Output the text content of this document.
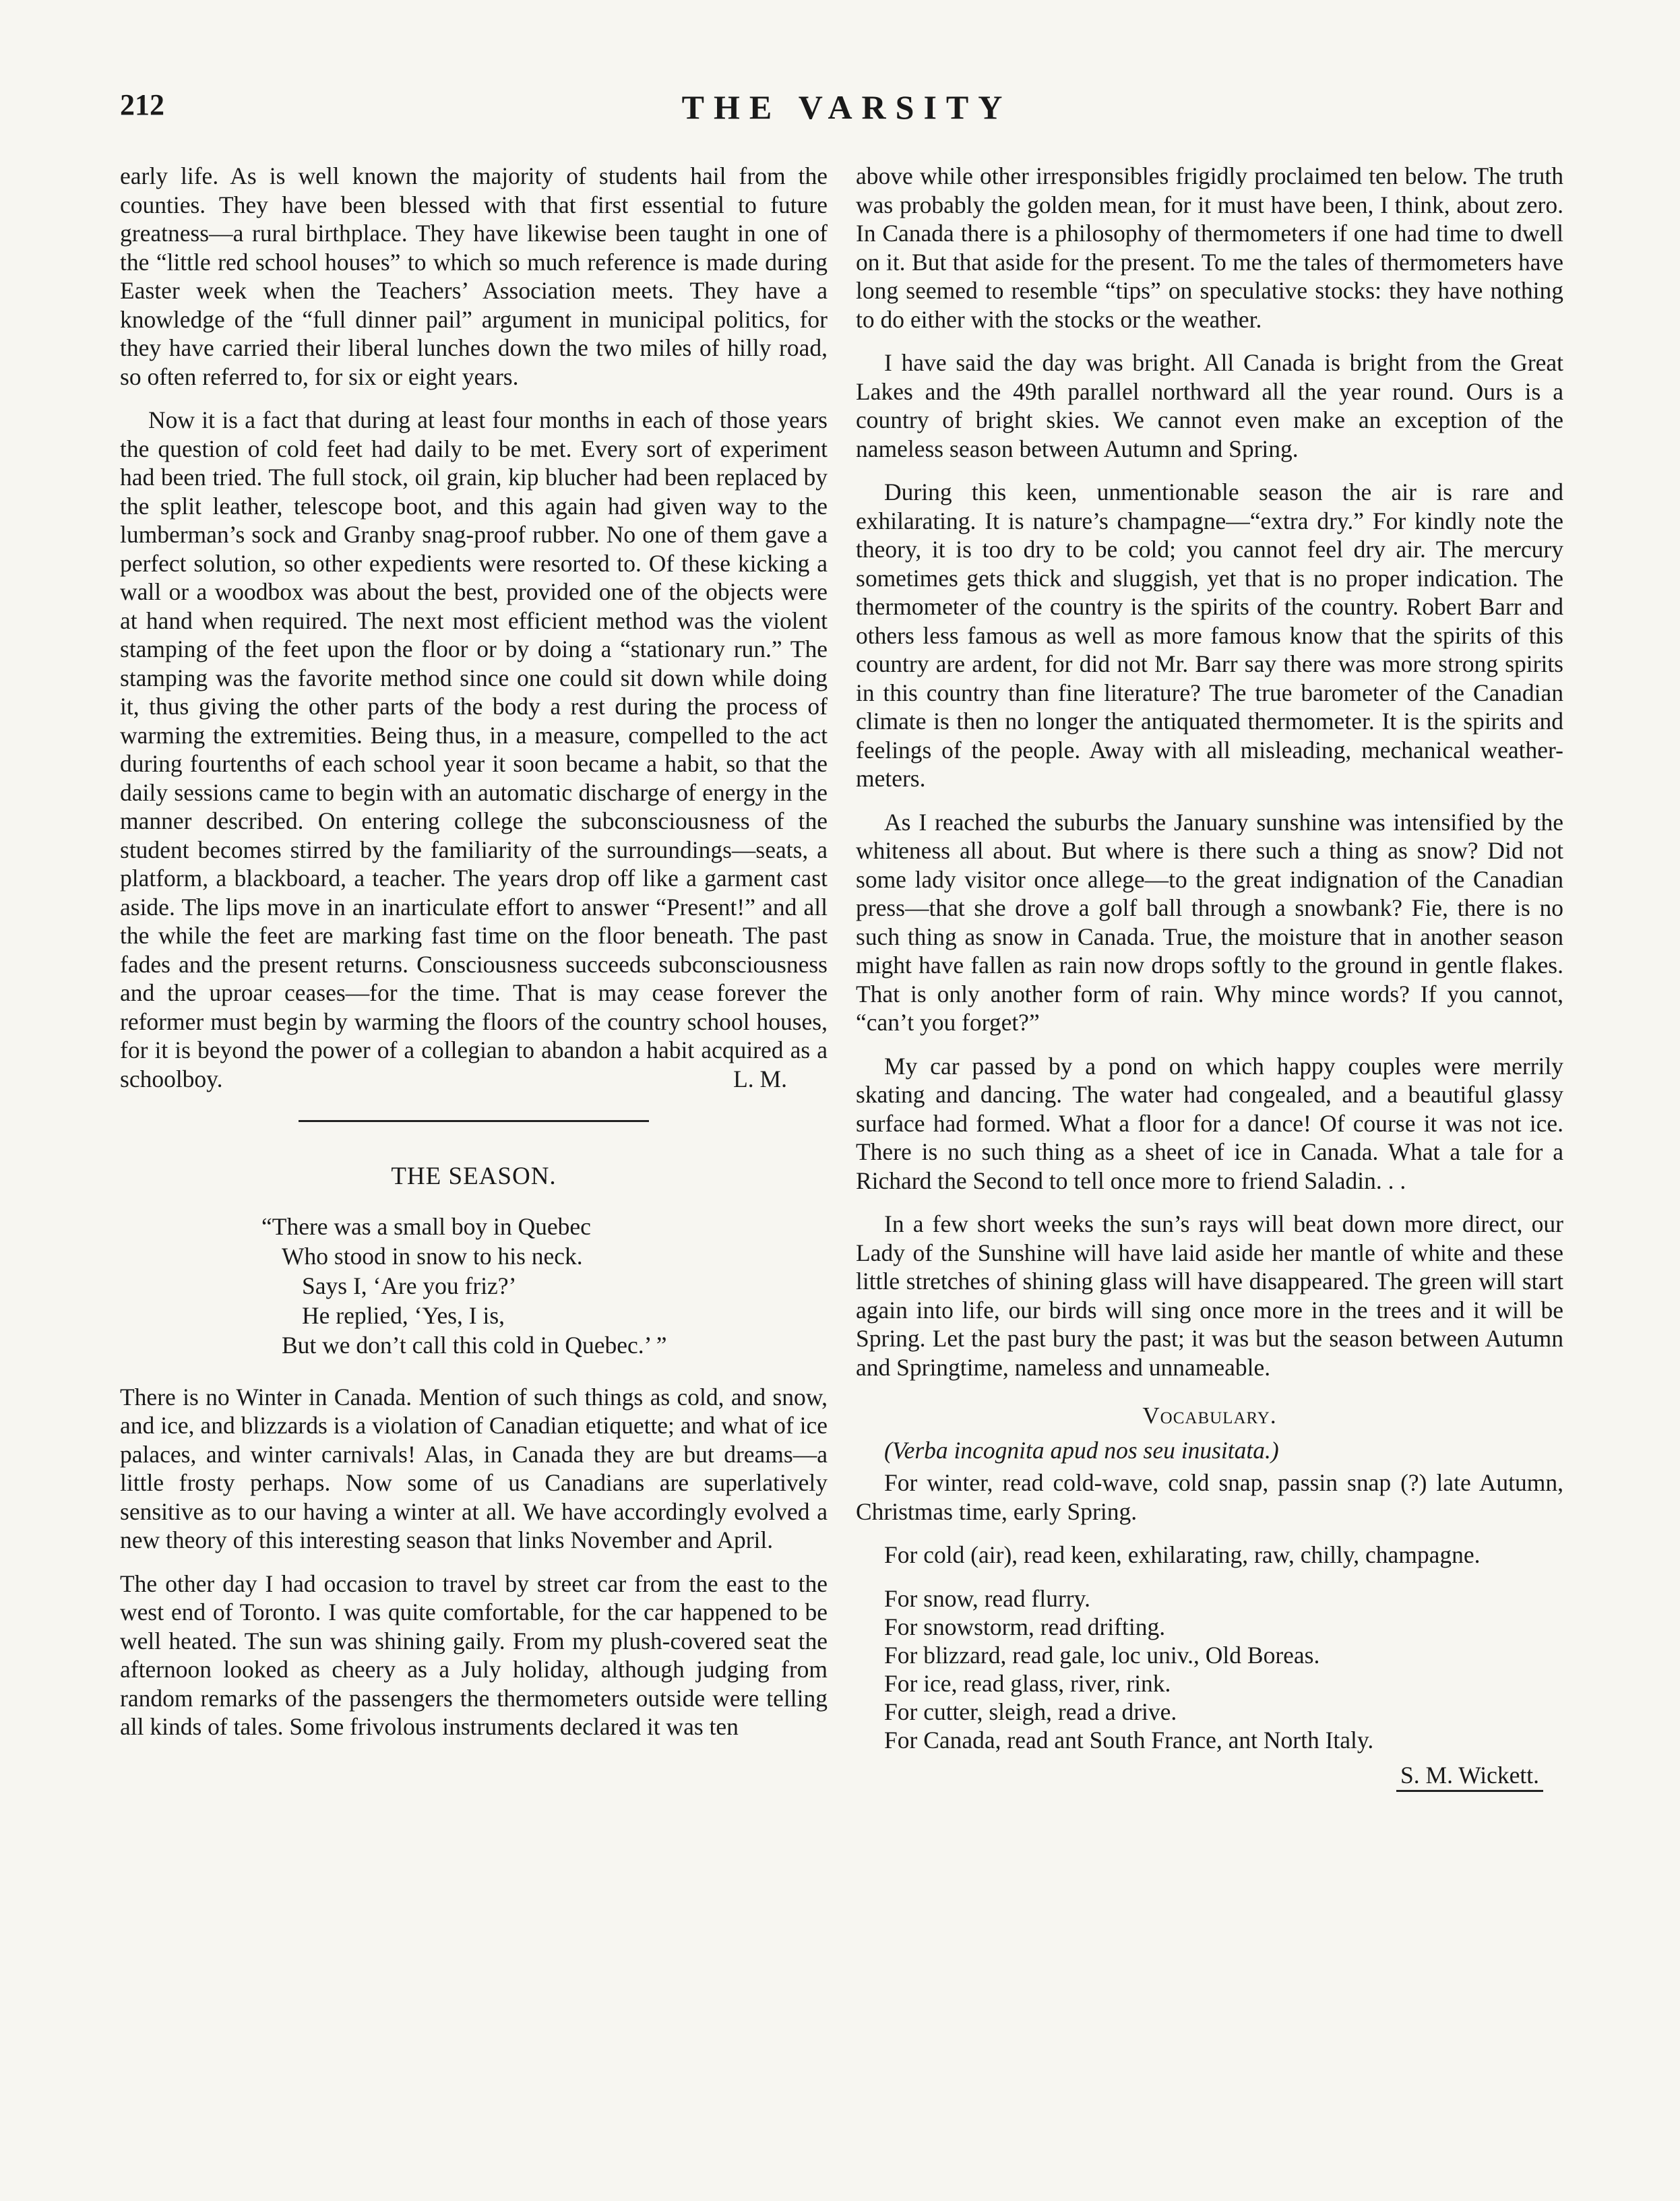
212	THE VARSITY

early life. As is well known the majority of students hail from the counties. They have been blessed with that first essential to future greatness—a rural birthplace. They have likewise been taught in one of the “little red school houses” to which so much reference is made during Easter week when the Teachers’ Association meets. They have a knowledge of the “full dinner pail” argument in municipal politics, for they have carried their liberal lunches down the two miles of hilly road, so often referred to, for six or eight years.

Now it is a fact that during at least four months in each of those years the question of cold feet had daily to be met. Every sort of experiment had been tried. The full stock, oil grain, kip blucher had been replaced by the split leather, telescope boot, and this again had given way to the lumberman’s sock and Granby snag-proof rubber. No one of them gave a perfect solution, so other expedients were resorted to. Of these kicking a wall or a woodbox was about the best, provided one of the objects were at hand when required. The next most efficient method was the violent stamping of the feet upon the floor or by doing a “stationary run.” The stamping was the favorite method since one could sit down while doing it, thus giving the other parts of the body a rest during the process of warming the extremities. Being thus, in a measure, compelled to the act during fourtenths of each school year it soon became a habit, so that the daily sessions came to begin with an automatic discharge of energy in the manner described. On entering college the subconsciousness of the student becomes stirred by the familiarity of the surroundings—seats, a platform, a blackboard, a teacher. The years drop off like a garment cast aside. The lips move in an inarticulate effort to answer “Present!” and all the while the feet are marking fast time on the floor beneath. The past fades and the present returns. Consciousness succeeds subconsciousness and the uproar ceases—for the time. That is may cease forever the reformer must begin by warming the floors of the country school houses, for it is beyond the power of a collegian to abandon a habit acquired as a schoolboy.	L. M.

THE SEASON.
“There was a small boy in Quebec
Who stood in snow to his neck.
Says I, ‘Are you friz?’
He replied, ‘Yes, I is,
But we don’t call this cold in Quebec.’ ”

There is no Winter in Canada. Mention of such things as cold, and snow, and ice, and blizzards is a violation of Canadian etiquette; and what of ice palaces, and winter carnivals! Alas, in Canada they are but dreams—a little frosty perhaps. Now some of us Canadians are superlatively sensitive as to our having a winter at all. We have accordingly evolved a new theory of this interesting season that links November and April.

The other day I had occasion to travel by street car from the east to the west end of Toronto. I was quite comfortable, for the car happened to be well heated. The sun was shining gaily. From my plush-covered seat the afternoon looked as cheery as a July holiday, although judging from random remarks of the passengers the thermometers outside were telling all kinds of tales. Some frivolous instruments declared it was ten

above while other irresponsibles frigidly proclaimed ten below. The truth was probably the golden mean, for it must have been, I think, about zero. In Canada there is a philosophy of thermometers if one had time to dwell on it. But that aside for the present. To me the tales of thermometers have long seemed to resemble “tips” on speculative stocks: they have nothing to do either with the stocks or the weather.

I have said the day was bright. All Canada is bright from the Great Lakes and the 49th parallel northward all the year round. Ours is a country of bright skies. We cannot even make an exception of the nameless season between Autumn and Spring.

During this keen, unmentionable season the air is rare and exhilarating. It is nature’s champagne—“extra dry.” For kindly note the theory, it is too dry to be cold; you cannot feel dry air. The mercury sometimes gets thick and sluggish, yet that is no proper indication. The thermometer of the country is the spirits of the country. Robert Barr and others less famous as well as more famous know that the spirits of this country are ardent, for did not Mr. Barr say there was more strong spirits in this country than fine literature? The true barometer of the Canadian climate is then no longer the antiquated thermometer. It is the spirits and feelings of the people. Away with all misleading, mechanical weather-meters.

As I reached the suburbs the January sunshine was intensified by the whiteness all about. But where is there such a thing as snow? Did not some lady visitor once allege—to the great indignation of the Canadian press—that she drove a golf ball through a snowbank? Fie, there is no such thing as snow in Canada. True, the moisture that in another season might have fallen as rain now drops softly to the ground in gentle flakes. That is only another form of rain. Why mince words? If you cannot, “can’t you forget?”

My car passed by a pond on which happy couples were merrily skating and dancing. The water had congealed, and a beautiful glassy surface had formed. What a floor for a dance! Of course it was not ice. There is no such thing as a sheet of ice in Canada. What a tale for a Richard the Second to tell once more to friend Saladin. . .

In a few short weeks the sun’s rays will beat down more direct, our Lady of the Sunshine will have laid aside her mantle of white and these little stretches of shining glass will have disappeared. The green will start again into life, our birds will sing once more in the trees and it will be Spring. Let the past bury the past; it was but the season between Autumn and Springtime, nameless and unnameable.

Vocabulary.
(Verba incognita apud nos seu inusitata.)
For winter, read cold-wave, cold snap, passin snap (?) late Autumn, Christmas time, early Spring.
For cold (air), read keen, exhilarating, raw, chilly, champagne.
For snow, read flurry.
For snowstorm, read drifting.
For blizzard, read gale, loc univ., Old Boreas.
For ice, read glass, river, rink.
For cutter, sleigh, read a drive.
For Canada, read ant South France, ant North Italy.
S. M. Wickett.
